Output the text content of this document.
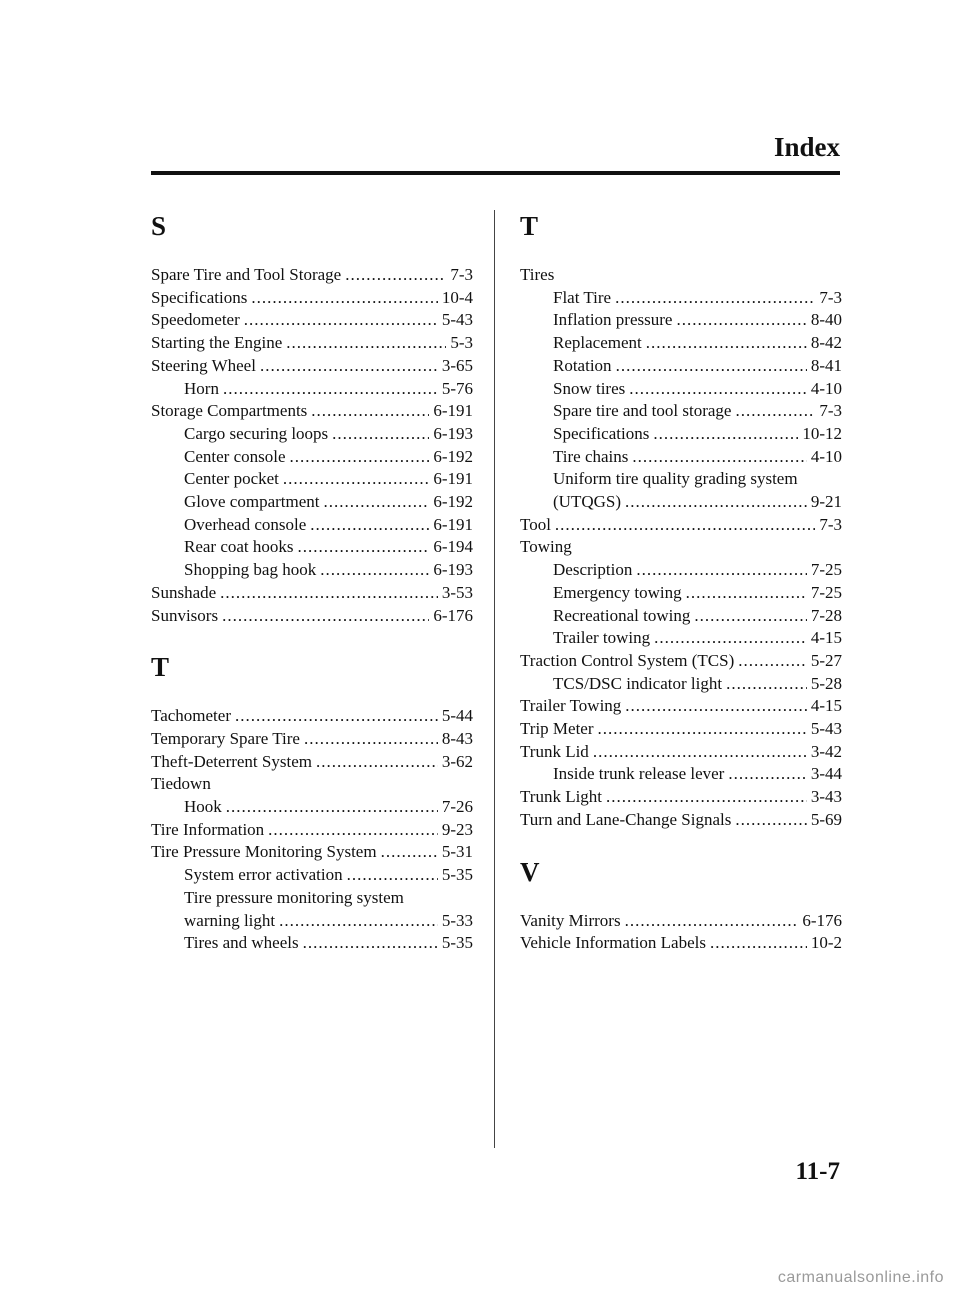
Index
S
Spare Tire and Tool Storage .....	7-3
Specifications .....	10-4
Speedometer .....	5-43
Starting the Engine .....	5-3
Steering Wheel .....	3-65
Horn .....	5-76
Storage Compartments .....	6-191
Cargo securing loops .....	6-193
Center console .....	6-192
Center pocket .....	6-191
Glove compartment .....	6-192
Overhead console .....	6-191
Rear coat hooks .....	6-194
Shopping bag hook .....	6-193
Sunshade .....	3-53
Sunvisors .....	6-176
T
Tachometer .....	5-44
Temporary Spare Tire .....	8-43
Theft-Deterrent System .....	3-62
Tiedown
Hook .....	7-26
Tire Information .....	9-23
Tire Pressure Monitoring System .....	5-31
System error activation .....	5-35
Tire pressure monitoring system
warning light .....	5-33
Tires and wheels .....	5-35
T
Tires
Flat Tire .....	7-3
Inflation pressure .....	8-40
Replacement .....	8-42
Rotation .....	8-41
Snow tires .....	4-10
Spare tire and tool storage .....	7-3
Specifications .....	10-12
Tire chains .....	4-10
Uniform tire quality grading system
(UTQGS) .....	9-21
Tool .....	7-3
Towing
Description .....	7-25
Emergency towing .....	7-25
Recreational towing .....	7-28
Trailer towing .....	4-15
Traction Control System (TCS) .....	5-27
TCS/DSC indicator light .....	5-28
Trailer Towing .....	4-15
Trip Meter .....	5-43
Trunk Lid .....	3-42
Inside trunk release lever .....	3-44
Trunk Light .....	3-43
Turn and Lane-Change Signals .....	5-69
V
Vanity Mirrors .....	6-176
Vehicle Information Labels .....	10-2
11-7
carmanualsonline.info
